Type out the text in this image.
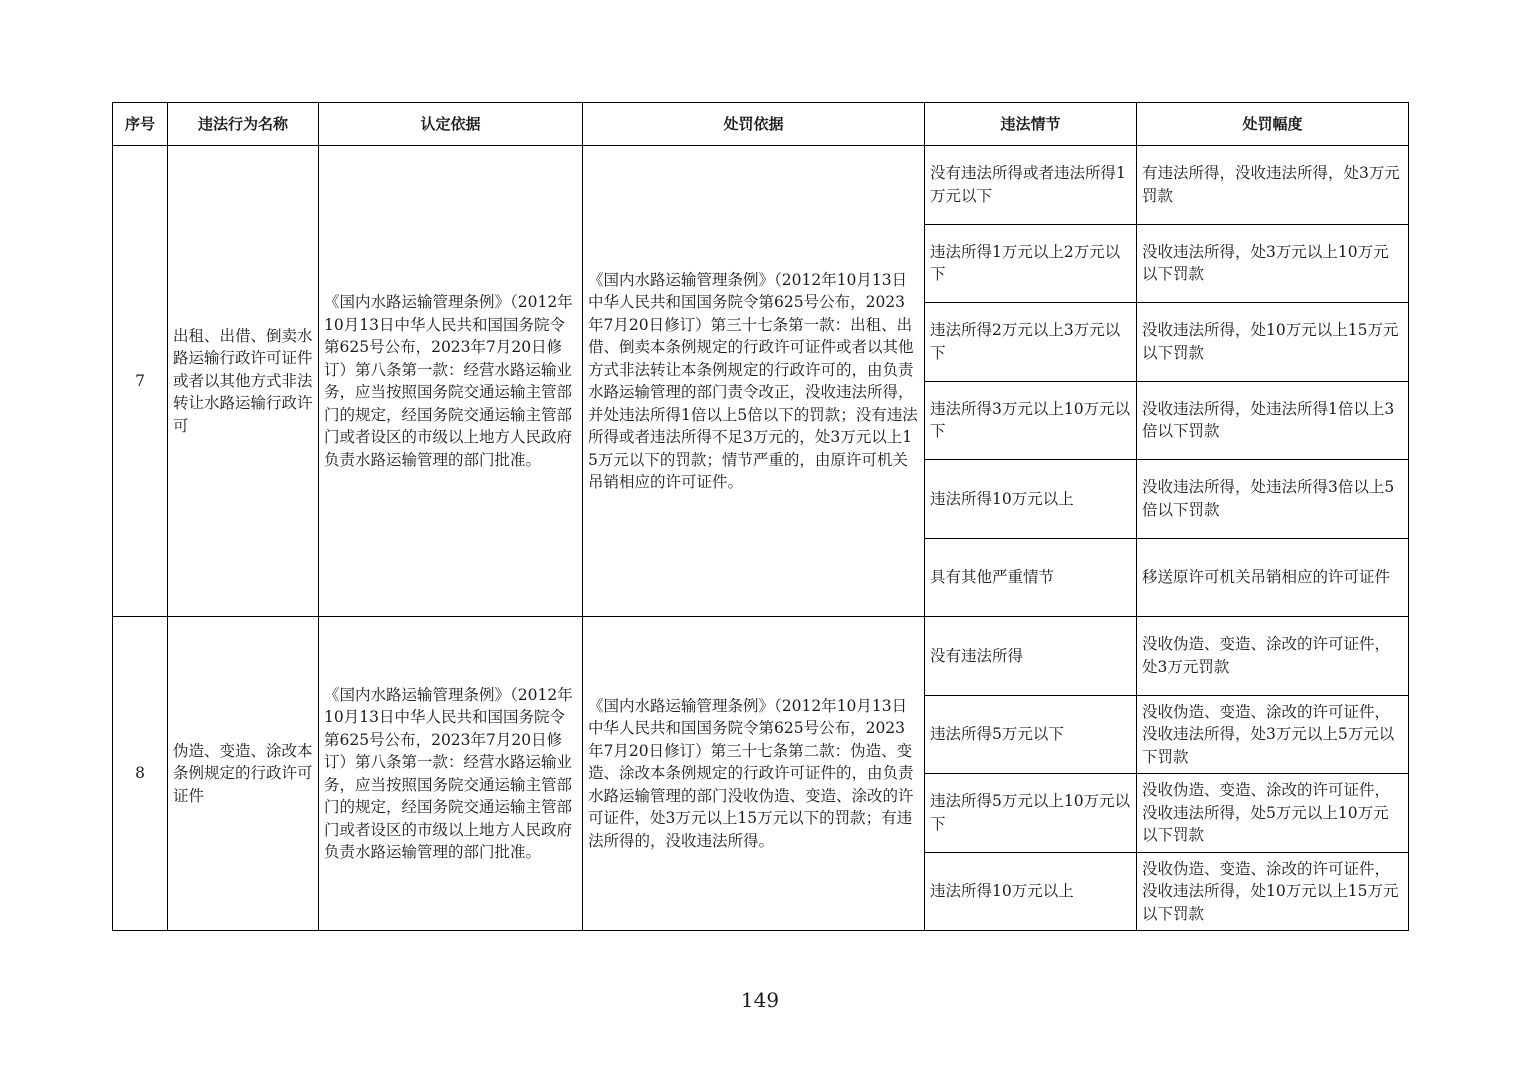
序号	违法行为名称	认定依据	处罚依据	违法情节	处罚幅度
7	出租、出借、倒卖水路运输行政许可证件或者以其他方式非法转让水路运输行政许可	《国内水路运输管理条例》（2012年10月13日中华人民共和国国务院令第625号公布，2023年7月20日修订）第八条第一款：经营水路运输业务，应当按照国务院交通运输主管部门的规定，经国务院交通运输主管部门或者设区的市级以上地方人民政府负责水路运输管理的部门批准。	《国内水路运输管理条例》（2012年10月13日中华人民共和国国务院令第625号公布，2023年7月20日修订）第三十七条第一款：出租、出借、倒卖本条例规定的行政许可证件或者以其他方式非法转让本条例规定的行政许可的，由负责水路运输管理的部门责令改正，没收违法所得，并处违法所得1倍以上5倍以下的罚款；没有违法所得或者违法所得不足3万元的，处3万元以上15万元以下的罚款；情节严重的，由原许可机关吊销相应的许可证件。	没有违法所得或者违法所得1万元以下	有违法所得，没收违法所得，处3万元罚款
				违法所得1万元以上2万元以下	没收违法所得，处3万元以上10万元以下罚款
				违法所得2万元以上3万元以下	没收违法所得，处10万元以上15万元以下罚款
				违法所得3万元以上10万元以下	没收违法所得，处违法所得1倍以上3倍以下罚款
				违法所得10万元以上	没收违法所得，处违法所得3倍以上5倍以下罚款
				具有其他严重情节	移送原许可机关吊销相应的许可证件
8	伪造、变造、涂改本条例规定的行政许可证件	《国内水路运输管理条例》（2012年10月13日中华人民共和国国务院令第625号公布，2023年7月20日修订）第八条第一款：经营水路运输业务，应当按照国务院交通运输主管部门的规定，经国务院交通运输主管部门或者设区的市级以上地方人民政府负责水路运输管理的部门批准。	《国内水路运输管理条例》（2012年10月13日中华人民共和国国务院令第625号公布，2023年7月20日修订）第三十七条第二款：伪造、变造、涂改本条例规定的行政许可证件的，由负责水路运输管理的部门没收伪造、变造、涂改的许可证件，处3万元以上15万元以下的罚款；有违法所得的，没收违法所得。	没有违法所得	没收伪造、变造、涂改的许可证件，处3万元罚款
				违法所得5万元以下	没收伪造、变造、涂改的许可证件，没收违法所得，处3万元以上5万元以下罚款
				违法所得5万元以上10万元以下	没收伪造、变造、涂改的许可证件，没收违法所得，处5万元以上10万元以下罚款
				违法所得10万元以上	没收伪造、变造、涂改的许可证件，没收违法所得，处10万元以上15万元以下罚款
149
